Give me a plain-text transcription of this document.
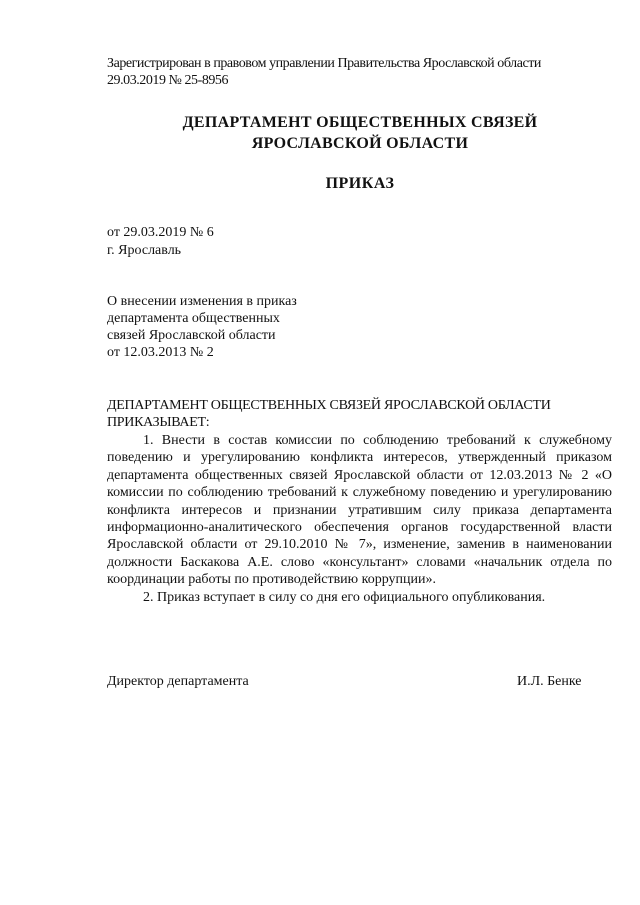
Зарегистрирован в правовом управлении Правительства Ярославской области
29.03.2019 № 25-8956
ДЕПАРТАМЕНТ ОБЩЕСТВЕННЫХ СВЯЗЕЙ
ЯРОСЛАВСКОЙ ОБЛАСТИ
ПРИКАЗ
от 29.03.2019 № 6
г. Ярославль
О внесении изменения в приказ
департамента общественных
связей Ярославской области
от 12.03.2013 № 2
ДЕПАРТАМЕНТ ОБЩЕСТВЕННЫХ СВЯЗЕЙ ЯРОСЛАВСКОЙ ОБЛАСТИ
ПРИКАЗЫВАЕТ:

1. Внести в состав комиссии по соблюдению требований к служебному поведению и урегулированию конфликта интересов, утвержденный приказом департамента общественных связей Ярославской области от 12.03.2013 № 2 «О комиссии по соблюдению требований к служебному поведению и урегулированию конфликта интересов и признании утратившим силу приказа департамента информационно-аналитического обеспечения органов государственной власти Ярославской области от 29.10.2010 № 7», изменение, заменив в наименовании должности Баскакова А.Е. слово «консультант» словами «начальник отдела по координации работы по противодействию коррупции».

2. Приказ вступает в силу со дня его официального опубликования.

Директор департамента	И.Л. Бенке
